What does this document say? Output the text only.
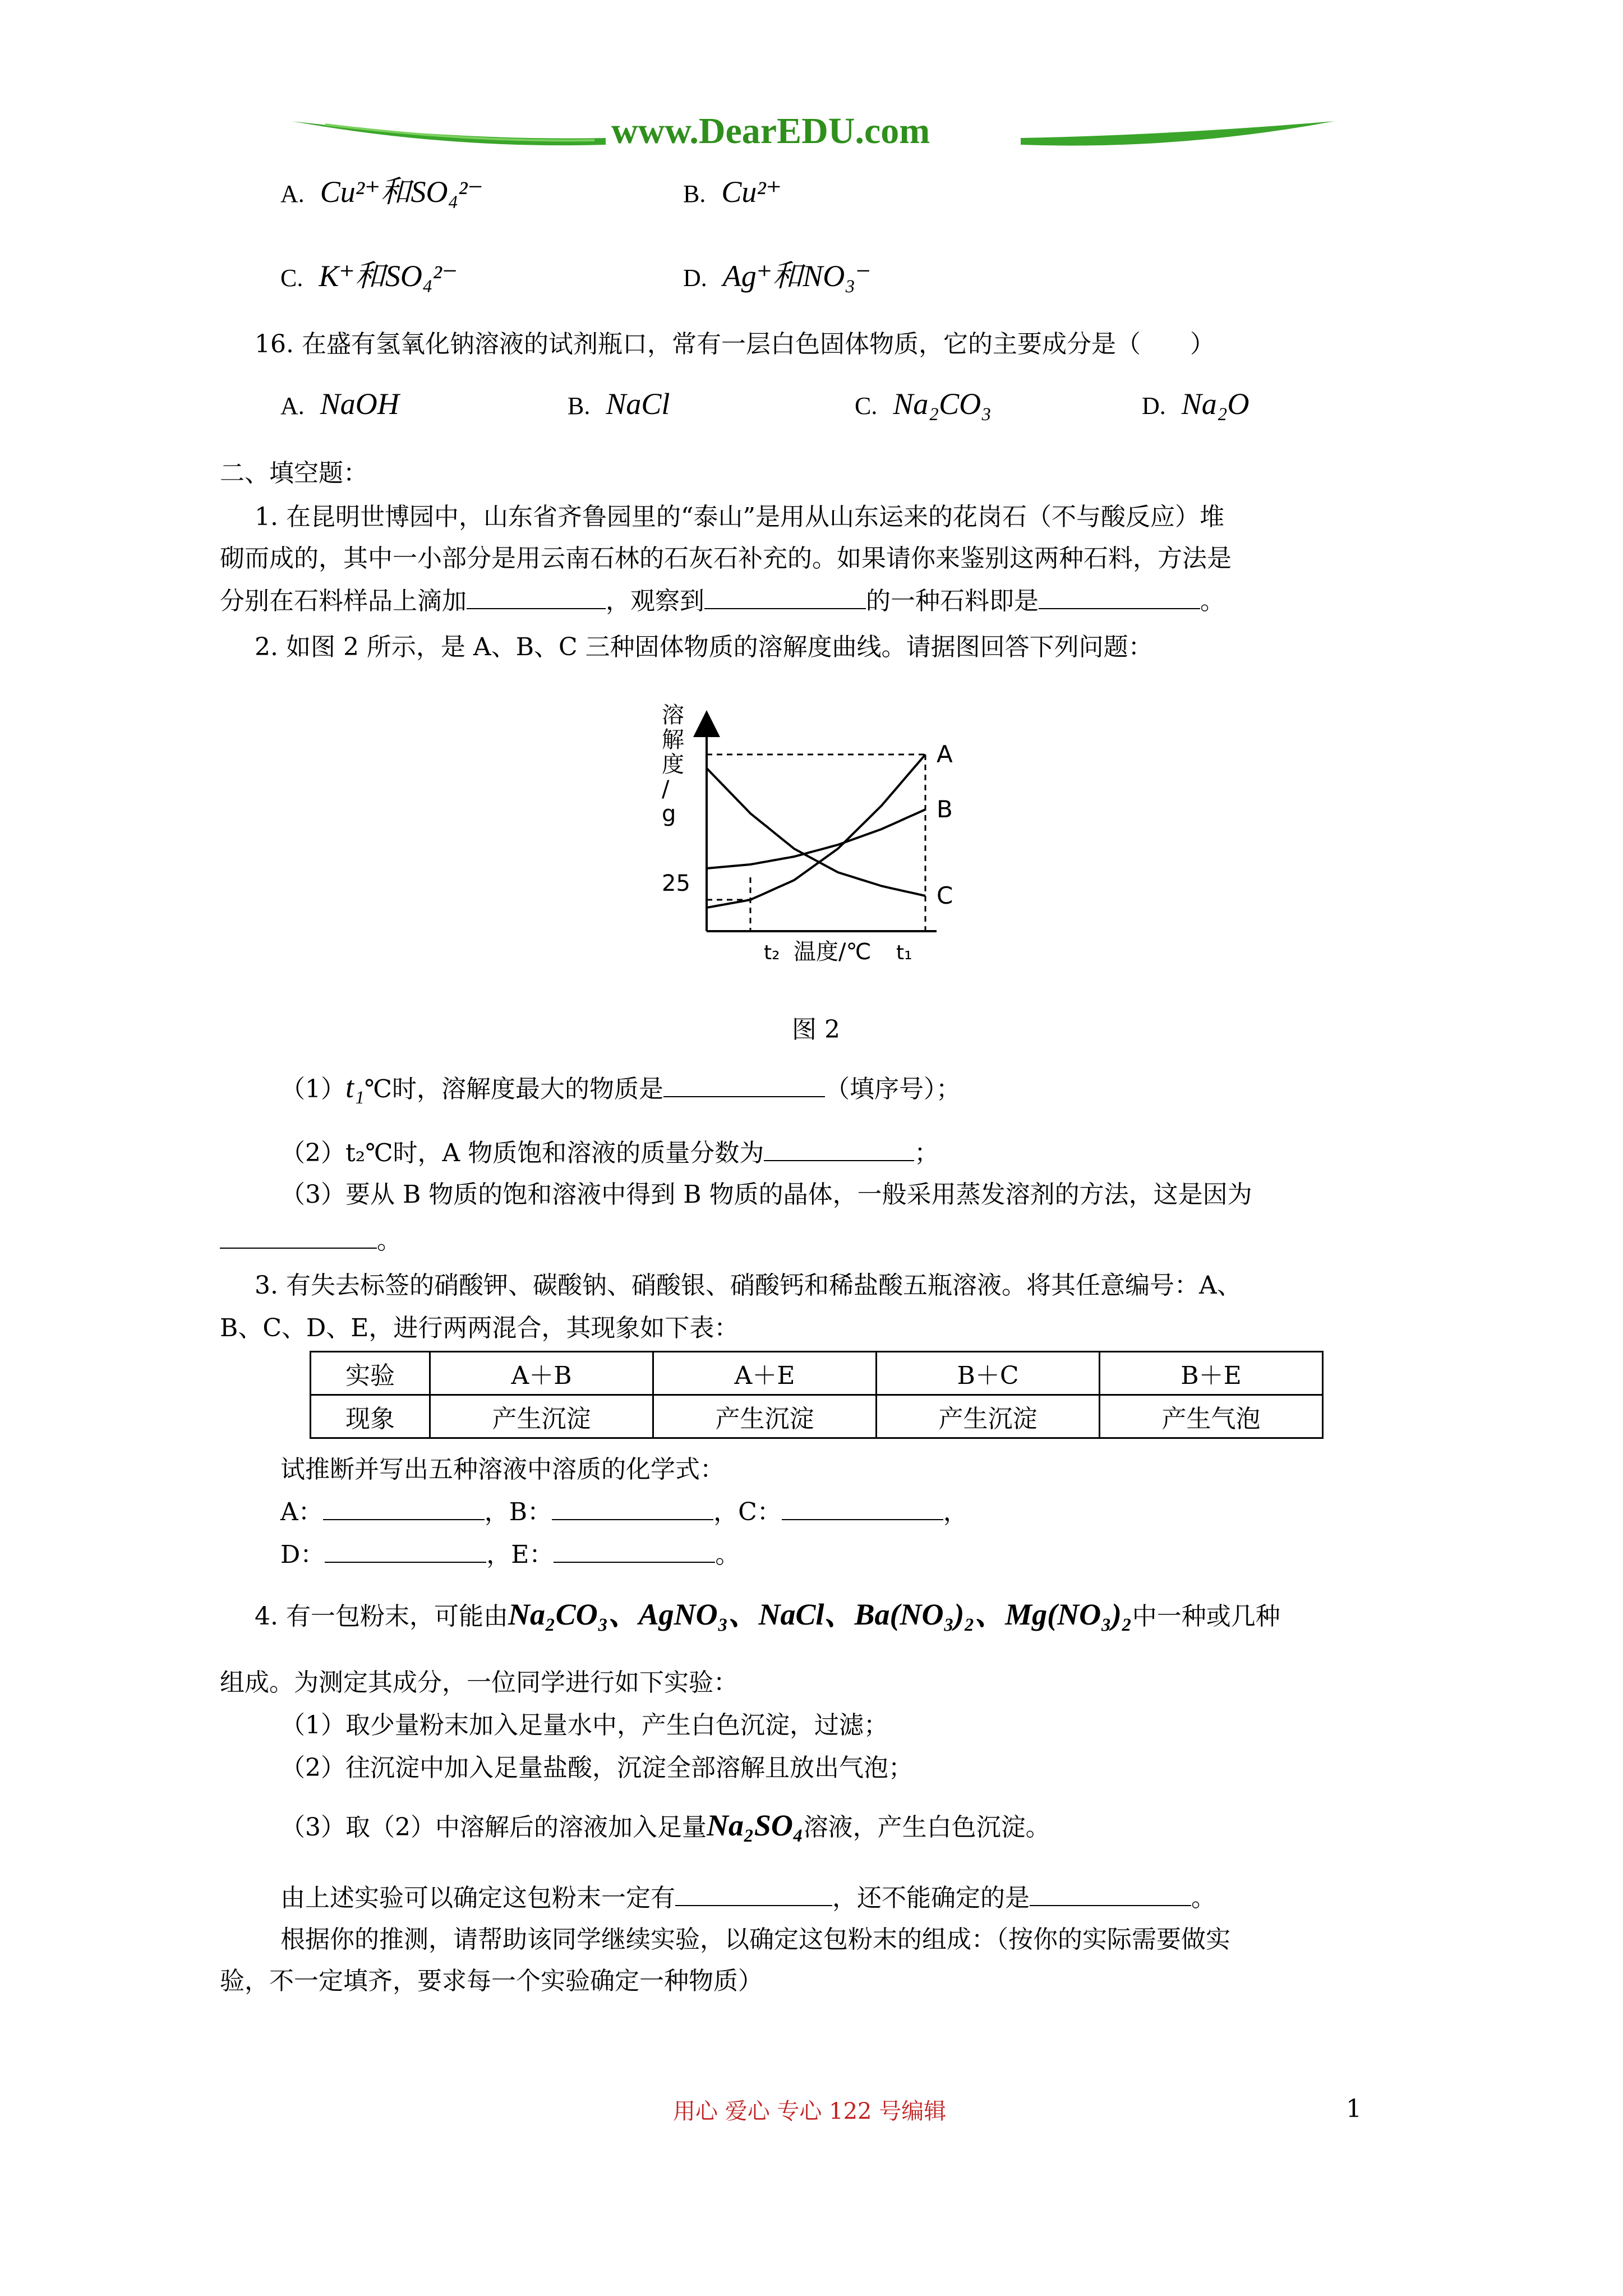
www.DearEDU.com
A. Cu²⁺和SO₄²⁻	B. Cu²⁺
C. K⁺和SO₄²⁻	D. Ag⁺和NO₃⁻
16. 在盛有氢氧化钠溶液的试剂瓶口，常有一层白色固体物质，它的主要成分是（　　）
A. NaOH	B. NaCl	C. Na₂CO₃	D. Na₂O
二、填空题：
1. 在昆明世博园中，山东省齐鲁园里的“泰山”是用从山东运来的花岗石（不与酸反应）堆
砌而成的，其中一小部分是用云南石林的石灰石补充的。如果请你来鉴别这两种石料，方法是
分别在石料样品上滴加	，观察到	的一种石料即是	。
2. 如图 2 所示，是 A、B、C 三种固体物质的溶解度曲线。请据图回答下列问题：
溶
解
度
/
g
25
t₂ 温度/℃ t₁
A
B
C
图 2
（1）t₁℃时，溶解度最大的物质是	（填序号）；
（2）t₂℃时，A 物质饱和溶液的质量分数为	；
（3）要从 B 物质的饱和溶液中得到 B 物质的晶体，一般采用蒸发溶剂的方法，这是因为
。
3. 有失去标签的硝酸钾、碳酸钠、硝酸银、硝酸钙和稀盐酸五瓶溶液。将其任意编号：A、
B、C、D、E，进行两两混合，其现象如下表：
实验	A＋B	A＋E	B＋C	B＋E
现象	产生沉淀	产生沉淀	产生沉淀	产生气泡
试推断并写出五种溶液中溶质的化学式：
A：	，B：	，C：	，
D：	，E：	。
4. 有一包粉末，可能由Na₂CO₃、AgNO₃、NaCl、Ba(NO₃)₂、Mg(NO₃)₂中一种或几种
组成。为测定其成分，一位同学进行如下实验：
（1）取少量粉末加入足量水中，产生白色沉淀，过滤；
（2）往沉淀中加入足量盐酸，沉淀全部溶解且放出气泡；
（3）取（2）中溶解后的溶液加入足量Na₂SO₄溶液，产生白色沉淀。
由上述实验可以确定这包粉末一定有	，还不能确定的是	。
根据你的推测，请帮助该同学继续实验，以确定这包粉末的组成：（按你的实际需要做实
验，不一定填齐，要求每一个实验确定一种物质）
用心 爱心 专心 122 号编辑	1
